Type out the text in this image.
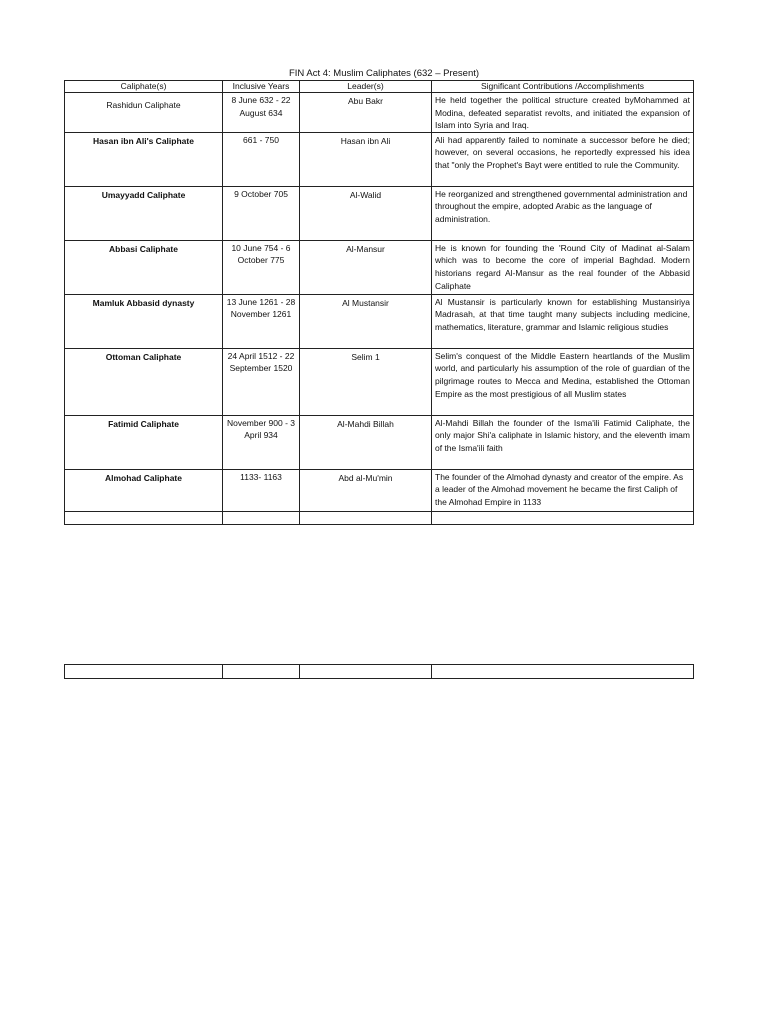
FIN Act 4: Muslim Caliphates (632 – Present)
Caliphate(s)	Inclusive Years	Leader(s)	Significant Contributions /Accomplishments
Rashidun Caliphate	8 June 632 - 22 August 634	Abu Bakr	He held together the political structure created byMohammed at Modina, defeated separatist revolts, and initiated the expansion of Islam into Syria and Iraq.
Hasan ibn Ali's Caliphate	661 - 750	Hasan ibn Ali	Ali had apparently failed to nominate a successor before he died; however, on several occasions, he reportedly expressed his idea that "only the Prophet's Bayt were entitled to rule the Community.
Umayyadd Caliphate	9 October 705	Al-Walid	He reorganized and strengthened governmental administration and throughout the empire, adopted Arabic as the language of administration.
Abbasi Caliphate	10 June 754 - 6 October 775	Al-Mansur	He is known for founding the 'Round City of Madinat al-Salam which was to become the core of imperial Baghdad. Modern historians regard Al-Mansur as the real founder of the Abbasid Caliphate
Mamluk Abbasid dynasty	13 June 1261 - 28 November 1261	Al Mustansir	Al Mustansir is particularly known for establishing Mustansiriya Madrasah, at that time taught many subjects including medicine, mathematics, literature, grammar and Islamic religious studies
Ottoman Caliphate	24 April 1512 - 22 September 1520	Selim 1	Selim's conquest of the Middle Eastern heartlands of the Muslim world, and particularly his assumption of the role of guardian of the pilgrimage routes to Mecca and Medina, established the Ottoman Empire as the most prestigious of all Muslim states
Fatimid Caliphate	November 900 - 3 April 934	Al-Mahdi Billah	Al-Mahdi Billah the founder of the Isma'ili Fatimid Caliphate, the only major Shi'a caliphate in Islamic history, and the eleventh imam of the Isma'ili faith
Almohad Caliphate	1133- 1163	Abd al-Mu'min	The founder of the Almohad dynasty and creator of the empire. As a leader of the Almohad movement he became the first Caliph of the Almohad Empire in 1133
